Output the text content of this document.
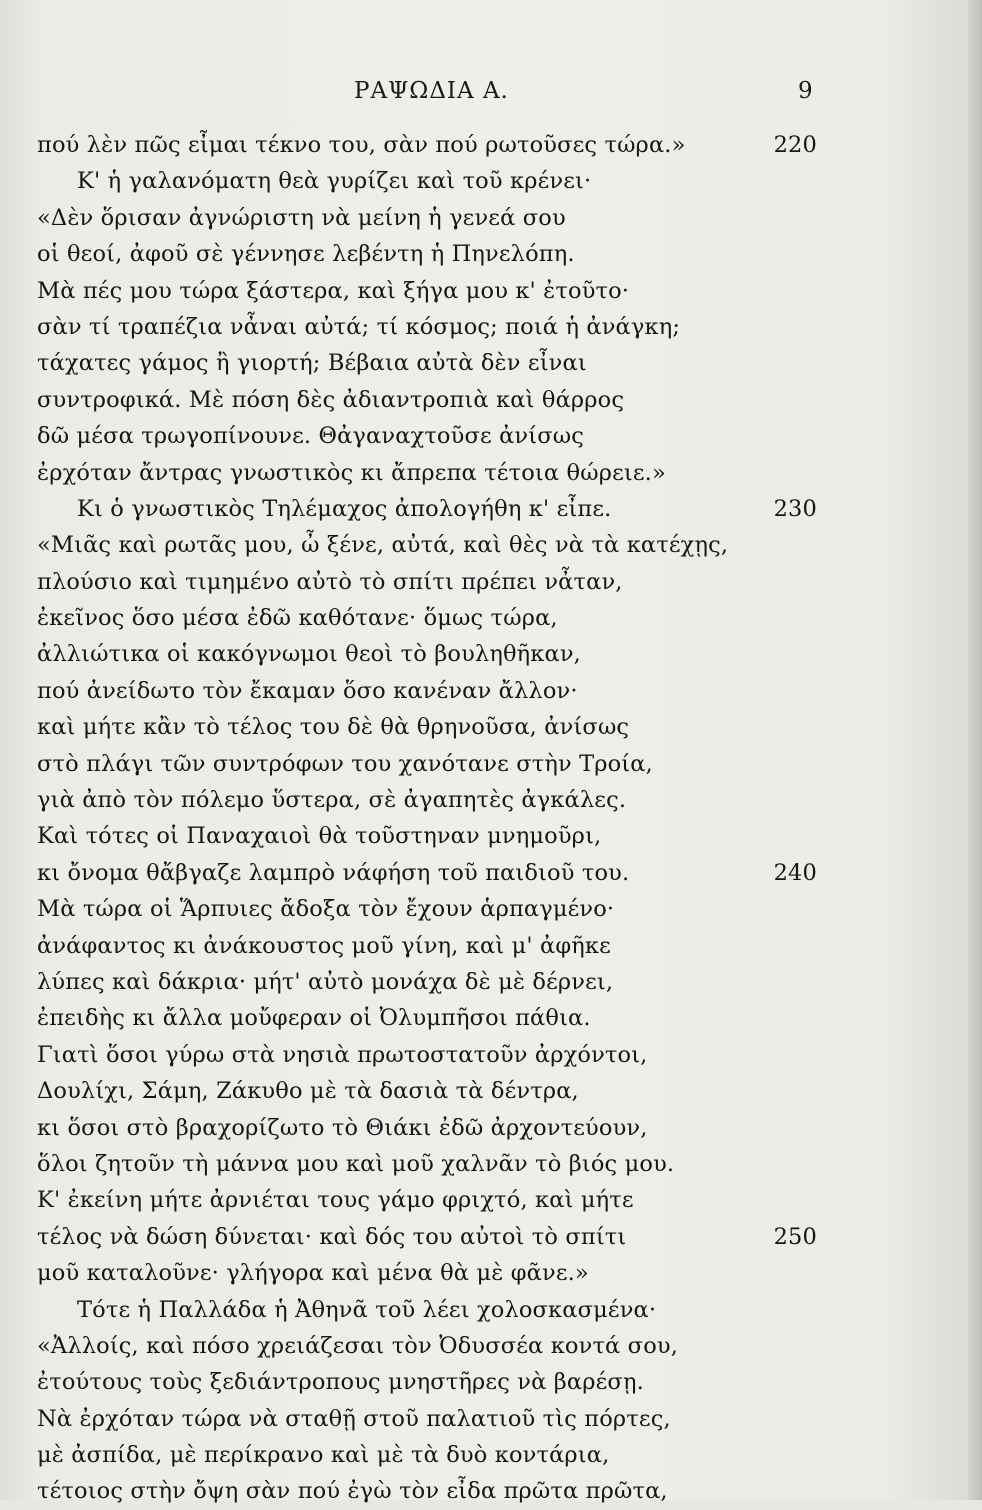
ΡΑΨΩΔΙΑ Α.	9
πού λὲν πῶς εἶμαι τέκνο του, σὰν πού ρωτοῦσες τώρα.»	220
Κ' ἡ γαλανόματη θεὰ γυρίζει καὶ τοῦ κρένει·
«Δὲν ὅρισαν ἀγνώριστη νὰ μείνη ἡ γενεά σου
οἱ θεοί, ἀφοῦ σὲ γέννησε λεβέντη ἡ Πηνελόπη.
Μὰ πές μου τώρα ξάστερα, καὶ ξήγα μου κ' ἐτοῦτο·
σὰν τί τραπέζια νἆναι αὐτά; τί κόσμος; ποιά ἡ ἀνάγκη;
τάχατες γάμος ἢ γιορτή; Βέβαια αὐτὰ δὲν εἶναι
συντροφικά. Μὲ πόση δὲς ἀδιαντροπιὰ καὶ θάρρος
δῶ μέσα τρωγοπίνουνε. Θἀγαναχτοῦσε ἀνίσως
ἐρχόταν ἄντρας γνωστικὸς κι ἄπρεπα τέτοια θώρειε.»
Κι ὁ γνωστικὸς Τηλέμαχος ἀπολογήθη κ' εἶπε.	230
«Μιᾶς καὶ ρωτᾶς μου, ὦ ξένε, αὐτά, καὶ θὲς νὰ τὰ κατέχῃς,
πλούσιο καὶ τιμημένο αὐτὸ τὸ σπίτι πρέπει νἆταν,
ἐκεῖνος ὅσο μέσα ἐδῶ καθότανε· ὅμως τώρα,
ἀλλιώτικα οἱ κακόγνωμοι θεοὶ τὸ βουληθῆκαν,
πού ἀνείδωτο τὸν ἔκαμαν ὅσο κανέναν ἄλλον·
καὶ μήτε κἂν τὸ τέλος του δὲ θὰ θρηνοῦσα, ἀνίσως
στὸ πλάγι τῶν συντρόφων του χανότανε στὴν Τροία,
γιὰ ἀπὸ τὸν πόλεμο ὕστερα, σὲ ἀγαπητὲς ἀγκάλες.
Καὶ τότες οἱ Παναχαιοὶ θὰ τοῦστηναν μνημοῦρι,
κι ὄνομα θἄβγαζε λαμπρὸ νάφήση τοῦ παιδιοῦ του.	240
Μὰ τώρα οἱ Ἅρπυιες ἄδοξα τὸν ἔχουν ἁρπαγμένο·
ἀνάφαντος κι ἀνάκουστος μοῦ γίνη, καὶ μ' ἀφῆκε
λύπες καὶ δάκρια· μήτ' αὐτὸ μονάχα δὲ μὲ δέρνει,
ἐπειδὴς κι ἄλλα μοὔφεραν οἱ Ὀλυμπῆσοι πάθια.
Γιατὶ ὅσοι γύρω στὰ νησιὰ πρωτοστατοῦν ἀρχόντοι,
Δουλίχι, Σάμη, Ζάκυθο μὲ τὰ δασιὰ τὰ δέντρα,
κι ὅσοι στὸ βραχορίζωτο τὸ Θιάκι ἐδῶ ἀρχοντεύουν,
ὅλοι ζητοῦν τὴ μάννα μου καὶ μοῦ χαλνᾶν τὸ βιός μου.
Κ' ἐκείνη μήτε ἀρνιέται τους γάμο φριχτό, καὶ μήτε
τέλος νὰ δώση δύνεται· καὶ δός του αὐτοὶ τὸ σπίτι	250
μοῦ καταλοῦνε· γλήγορα καὶ μένα θὰ μὲ φᾶνε.»
Τότε ἡ Παλλάδα ἡ Ἀθηνᾶ τοῦ λέει χολοσκασμένα·
«Ἀλλοίς, καὶ πόσο χρειάζεσαι τὸν Ὀδυσσέα κοντά σου,
ἐτούτους τοὺς ξεδιάντροπους μνηστῆρες νὰ βαρέσῃ.
Νὰ ἐρχόταν τώρα νὰ σταθῇ στοῦ παλατιοῦ τὶς πόρτες,
μὲ ἀσπίδα, μὲ περίκρανο καὶ μὲ τὰ δυὸ κοντάρια,
τέτοιος στὴν ὄψη σὰν πού ἐγὼ τὸν εἶδα πρῶτα πρῶτα,
